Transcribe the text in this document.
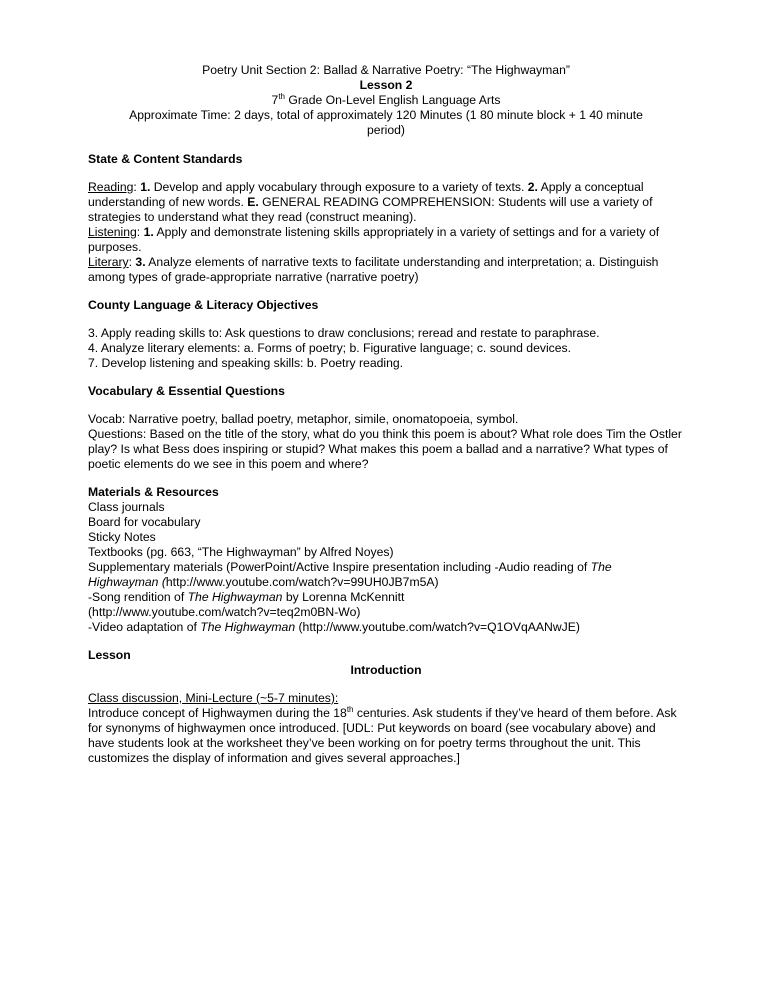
Poetry Unit Section 2: Ballad & Narrative Poetry: “The Highwayman”

Lesson 2

7th Grade On-Level English Language Arts

Approximate Time: 2 days, total of approximately 120 Minutes (1 80 minute block + 1 40 minute
period)

State & Content Standards

Reading: 1. Develop and apply vocabulary through exposure to a variety of texts. 2. Apply a conceptual understanding of new words. E. GENERAL READING COMPREHENSION: Students will use a variety of strategies to understand what they read (construct meaning).

Listening: 1. Apply and demonstrate listening skills appropriately in a variety of settings and for a variety of purposes.

Literary: 3. Analyze elements of narrative texts to facilitate understanding and interpretation; a. Distinguish among types of grade-appropriate narrative (narrative poetry)

County Language & Literacy Objectives

3. Apply reading skills to: Ask questions to draw conclusions; reread and restate to paraphrase.

4. Analyze literary elements: a. Forms of poetry; b. Figurative language; c. sound devices.

7. Develop listening and speaking skills: b. Poetry reading.

Vocabulary & Essential Questions

Vocab: Narrative poetry, ballad poetry, metaphor, simile, onomatopoeia, symbol.

Questions: Based on the title of the story, what do you think this poem is about? What role does Tim the Ostler play? Is what Bess does inspiring or stupid? What makes this poem a ballad and a narrative? What types of poetic elements do we see in this poem and where?

Materials & Resources

Class journals

Board for vocabulary

Sticky Notes

Textbooks (pg. 663, “The Highwayman” by Alfred Noyes)

Supplementary materials (PowerPoint/Active Inspire presentation including -Audio reading of The Highwayman (http://www.youtube.com/watch?v=99UH0JB7m5A)

-Song rendition of The Highwayman by Lorenna McKennitt

(http://www.youtube.com/watch?v=teq2m0BN-Wo)

-Video adaptation of The Highwayman (http://www.youtube.com/watch?v=Q1OVqAANwJE)

Lesson

Introduction

Class discussion, Mini-Lecture (~5-7 minutes):

Introduce concept of Highwaymen during the 18th centuries. Ask students if they’ve heard of them before. Ask for synonyms of highwaymen once introduced. [UDL: Put keywords on board (see vocabulary above) and have students look at the worksheet they’ve been working on for poetry terms throughout the unit. This customizes the display of information and gives several approaches.]
